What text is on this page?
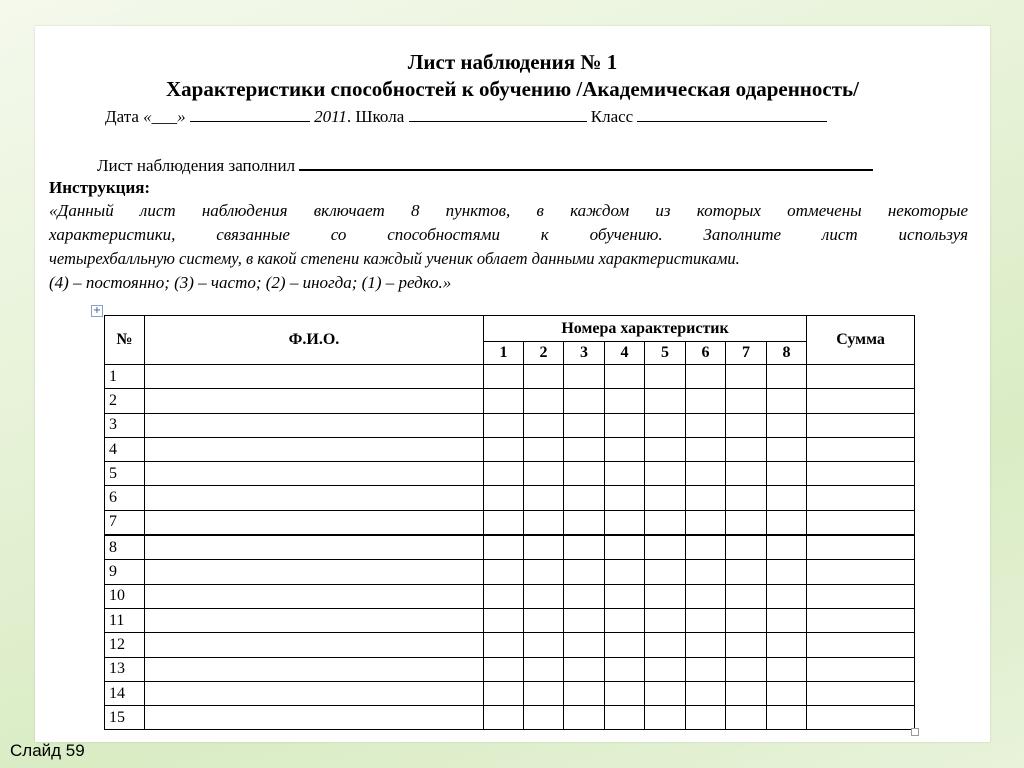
Лист наблюдения № 1
Характеристики способностей к обучению /Академическая одаренность/
Дата «___»	2011. Школа	Класс
Лист наблюдения заполнил
Инструкция:

«Данный лист наблюдения включает 8 пунктов, в каждом из которых отмечены некоторые

характеристики, связанные со способностями к обучению. Заполните лист используя

четырехбалльную систему, в какой степени каждый ученик облает данными характеристиками.

(4) – постоянно; (3) – часто; (2) – иногда; (1) – редко.»

+
№	Ф.И.О.	Номера характеристик								Сумма
		1	2	3	4	5	6	7	8	
1										
2										
3										
4										
5										
6										
7										
8										
9										
10										
11										
12										
13										
14										
15										
Слайд 59
